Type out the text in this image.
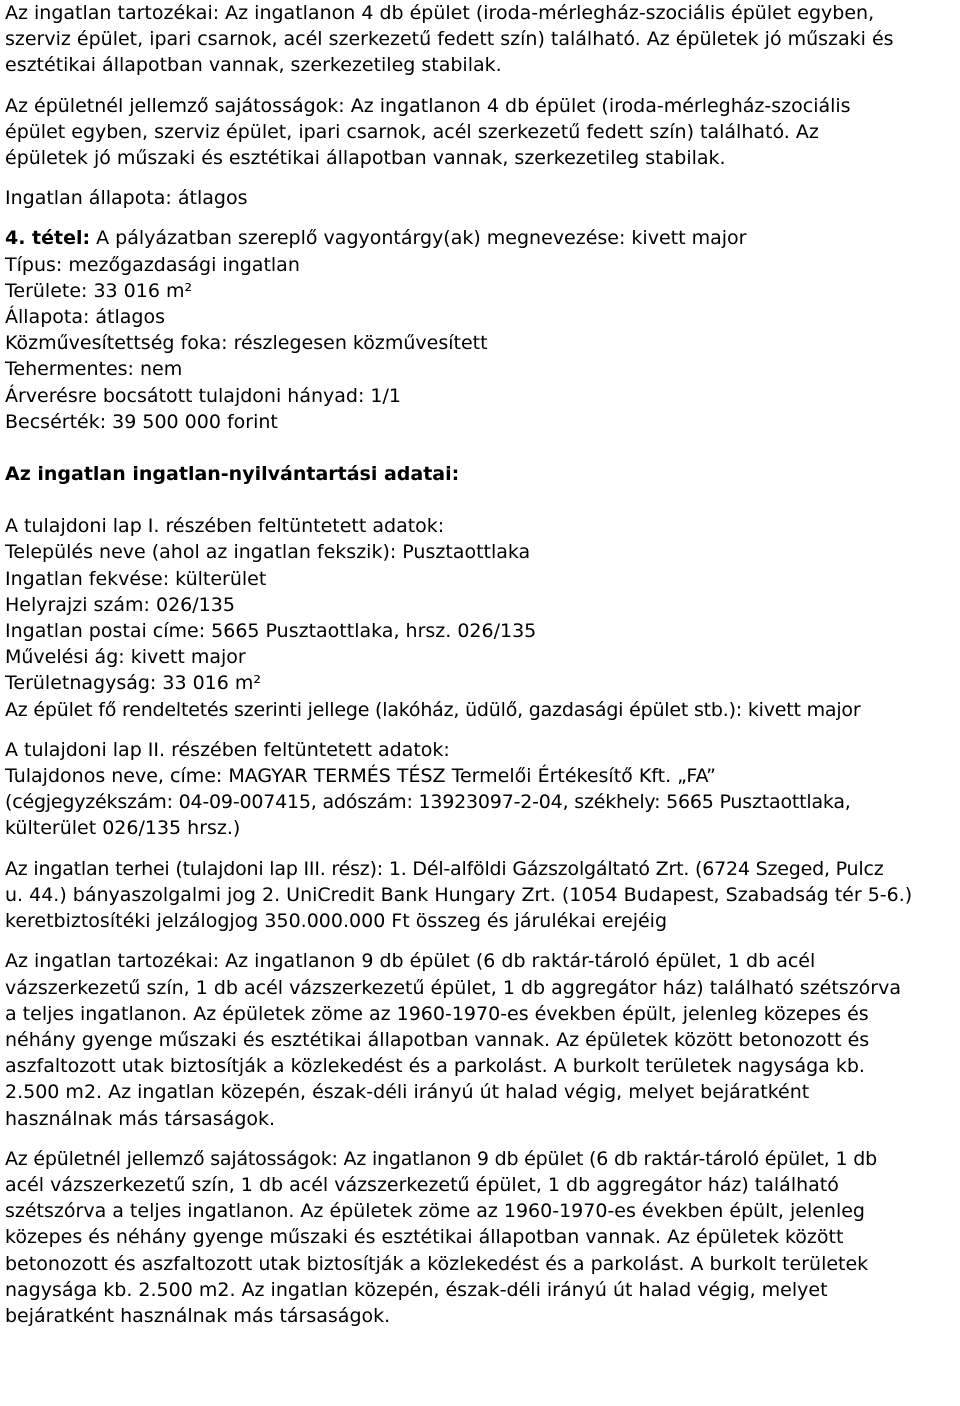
Az ingatlan tartozékai: Az ingatlanon 4 db épület (iroda-mérlegház-szociális épület egyben,
szerviz épület, ipari csarnok, acél szerkezetű fedett szín) található. Az épületek jó műszaki és
esztétikai állapotban vannak, szerkezetileg stabilak.
Az épületnél jellemző sajátosságok: Az ingatlanon 4 db épület (iroda-mérlegház-szociális
épület egyben, szerviz épület, ipari csarnok, acél szerkezetű fedett szín) található. Az
épületek jó műszaki és esztétikai állapotban vannak, szerkezetileg stabilak.
Ingatlan állapota: átlagos
4. tétel: A pályázatban szereplő vagyontárgy(ak) megnevezése: kivett major
Típus: mezőgazdasági ingatlan
Területe: 33 016 m²
Állapota: átlagos
Közművesítettség foka: részlegesen közművesített
Tehermentes: nem
Árverésre bocsátott tulajdoni hányad: 1/1
Becsérték: 39 500 000 forint
Az ingatlan ingatlan-nyilvántartási adatai:
A tulajdoni lap I. részében feltüntetett adatok:
Település neve (ahol az ingatlan fekszik): Pusztaottlaka
Ingatlan fekvése: külterület
Helyrajzi szám: 026/135
Ingatlan postai címe: 5665 Pusztaottlaka, hrsz. 026/135
Művelési ág: kivett major
Területnagyság: 33 016 m²
Az épület fő rendeltetés szerinti jellege (lakóház, üdülő, gazdasági épület stb.): kivett major
A tulajdoni lap II. részében feltüntetett adatok:
Tulajdonos neve, címe: MAGYAR TERMÉS TÉSZ Termelői Értékesítő Kft. „FA”
(cégjegyzékszám: 04-09-007415, adószám: 13923097-2-04, székhely: 5665 Pusztaottlaka,
külterület 026/135 hrsz.)
Az ingatlan terhei (tulajdoni lap III. rész): 1. Dél-alföldi Gázszolgáltató Zrt. (6724 Szeged, Pulcz
u. 44.) bányaszolgalmi jog 2. UniCredit Bank Hungary Zrt. (1054 Budapest, Szabadság tér 5-6.)
keretbiztosítéki jelzálogjog 350.000.000 Ft összeg és járulékai erejéig
Az ingatlan tartozékai: Az ingatlanon 9 db épület (6 db raktár-tároló épület, 1 db acél
vázszerkezetű szín, 1 db acél vázszerkezetű épület, 1 db aggregátor ház) található szétszórva
a teljes ingatlanon. Az épületek zöme az 1960-1970-es években épült, jelenleg közepes és
néhány gyenge műszaki és esztétikai állapotban vannak. Az épületek között betonozott és
aszfaltozott utak biztosítják a közlekedést és a parkolást. A burkolt területek nagysága kb.
2.500 m2. Az ingatlan közepén, észak-déli irányú út halad végig, melyet bejáratként
használnak más társaságok.
Az épületnél jellemző sajátosságok: Az ingatlanon 9 db épület (6 db raktár-tároló épület, 1 db
acél vázszerkezetű szín, 1 db acél vázszerkezetű épület, 1 db aggregátor ház) található
szétszórva a teljes ingatlanon. Az épületek zöme az 1960-1970-es években épült, jelenleg
közepes és néhány gyenge műszaki és esztétikai állapotban vannak. Az épületek között
betonozott és aszfaltozott utak biztosítják a közlekedést és a parkolást. A burkolt területek
nagysága kb. 2.500 m2. Az ingatlan közepén, észak-déli irányú út halad végig, melyet
bejáratként használnak más társaságok.
